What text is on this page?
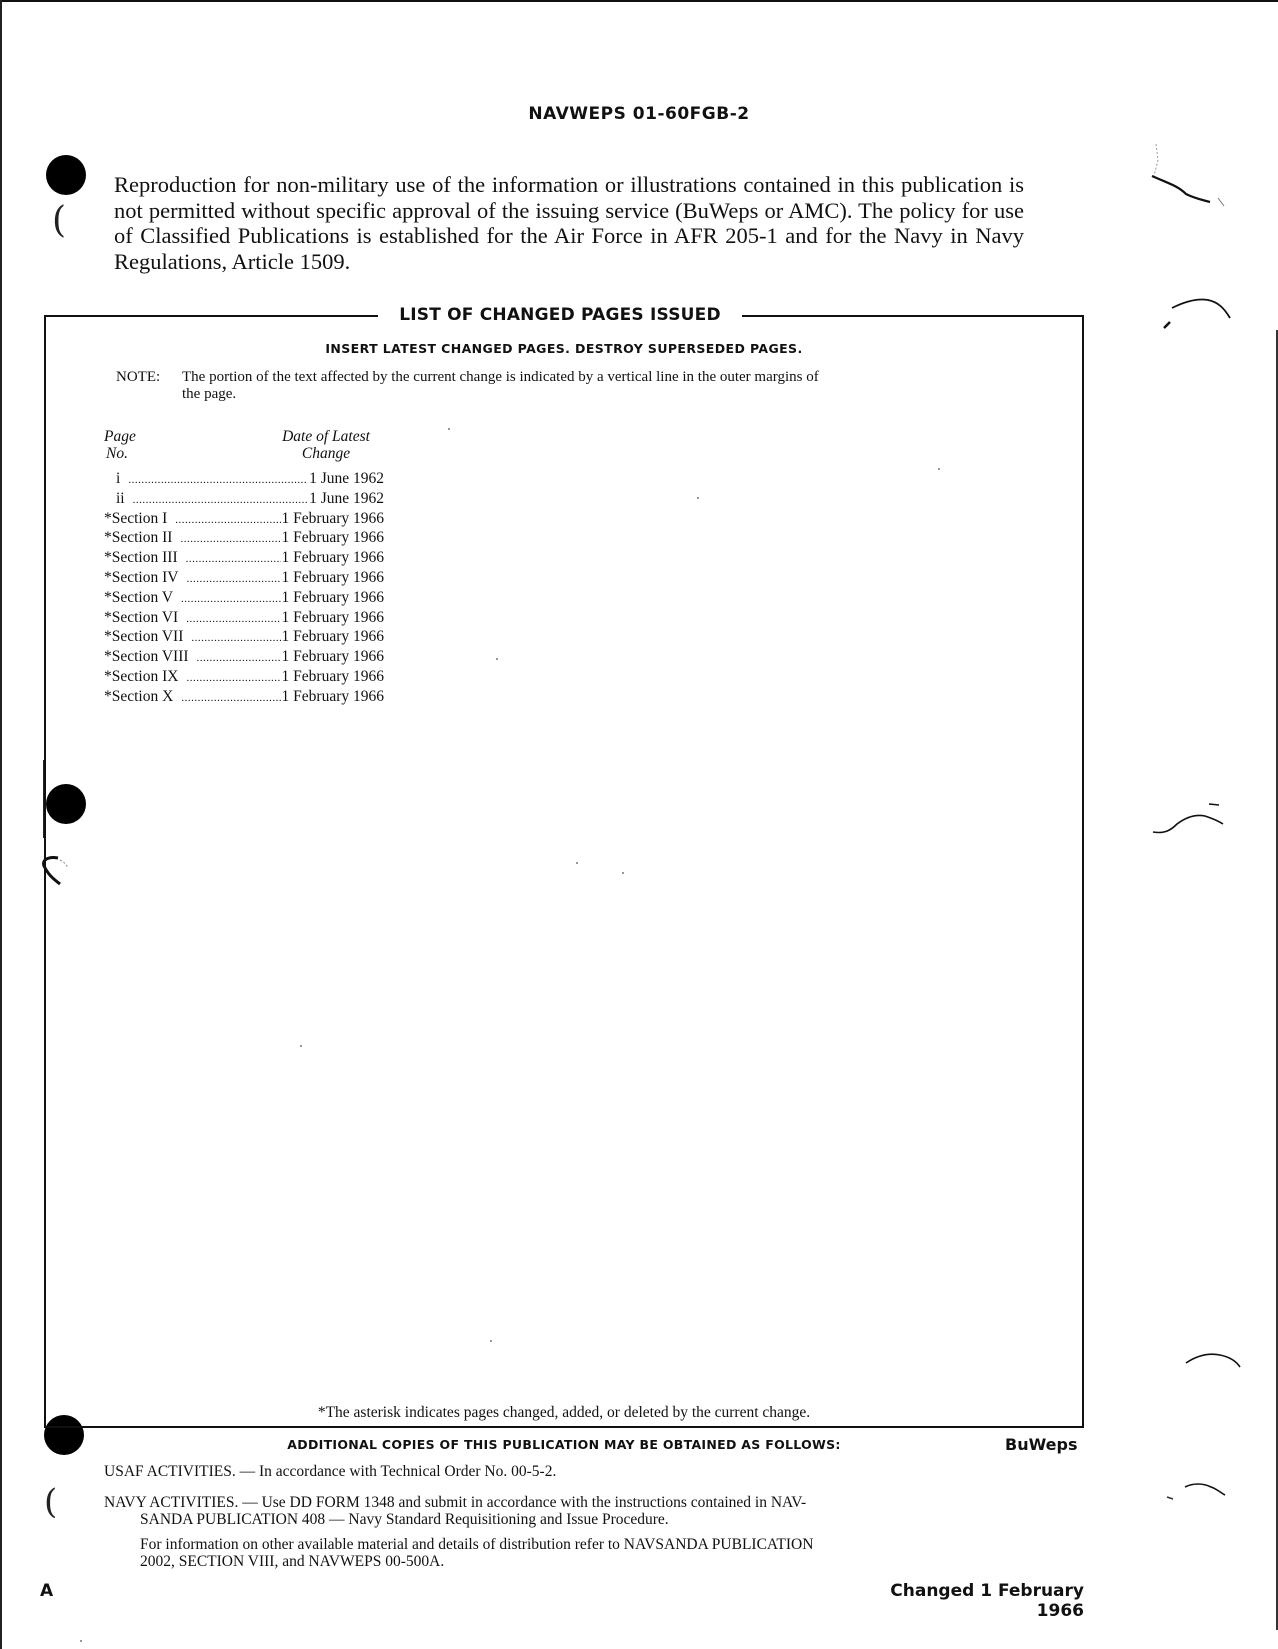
NAVWEPS 01-60FGB-2
(
(
Reproduction for non-military use of the information or illustrations contained in this publication is not permitted without specific approval of the issuing service (BuWeps or AMC). The policy for use of Classified Publications is established for the Air Force in AFR 205-1 and for the Navy in Navy Regulations, Article 1509.
LIST OF CHANGED PAGES ISSUED
INSERT LATEST CHANGED PAGES. DESTROY SUPERSEDED PAGES.
NOTE: The portion of the text affected by the current change is indicated by a vertical line in the outer margins of
the page.
Page
No.
Date of Latest
Change
i .....	1 June 1962
ii .....	1 June 1962
*Section I .....	1 February 1966
*Section II .....	1 February 1966
*Section III .....	1 February 1966
*Section IV .....	1 February 1966
*Section V .....	1 February 1966
*Section VI .....	1 February 1966
*Section VII .....	1 February 1966
*Section VIII .....	1 February 1966
*Section IX .....	1 February 1966
*Section X .....	1 February 1966
*The asterisk indicates pages changed, added, or deleted by the current change.
ADDITIONAL COPIES OF THIS PUBLICATION MAY BE OBTAINED AS FOLLOWS:	BuWeps
USAF ACTIVITIES. — In accordance with Technical Order No. 00-5-2.
NAVY ACTIVITIES. — Use DD FORM 1348 and submit in accordance with the instructions contained in NAV-
SANDA PUBLICATION 408 — Navy Standard Requisitioning and Issue Procedure.
For information on other available material and details of distribution refer to NAVSANDA PUBLICATION
2002, SECTION VIII, and NAVWEPS 00-500A.
A	Changed 1 February 1966
